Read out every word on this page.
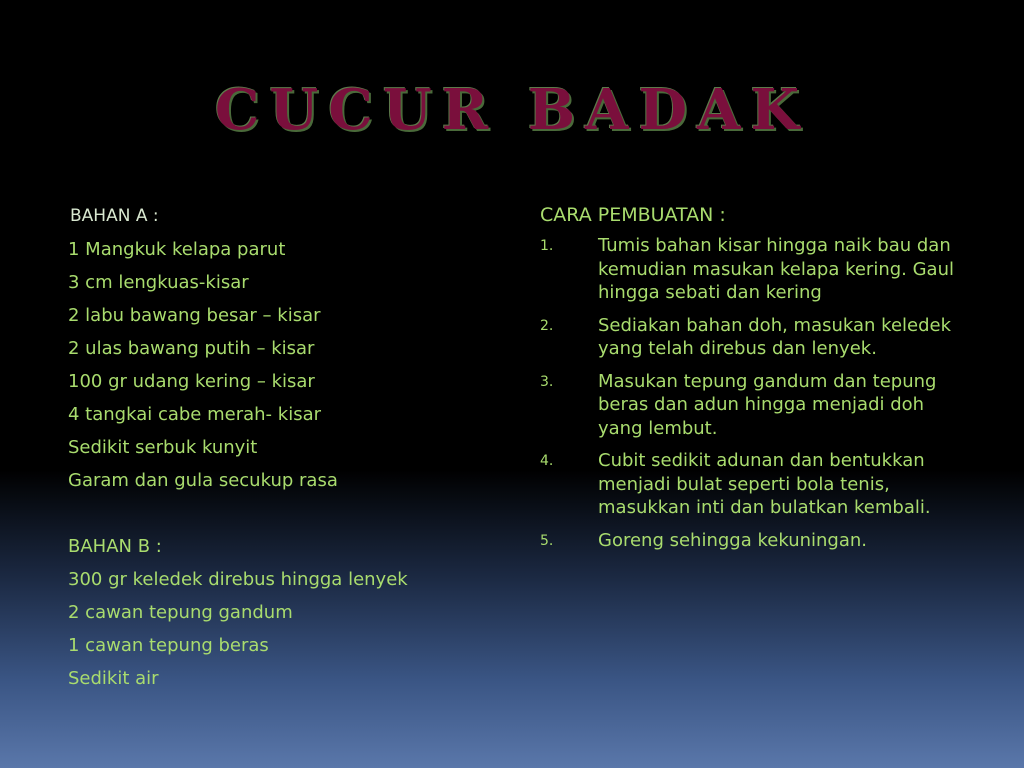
CUCUR BADAK
BAHAN A :
1 Mangkuk kelapa parut
3 cm lengkuas-kisar
2 labu bawang besar – kisar
2 ulas bawang putih – kisar
100 gr udang kering – kisar
4 tangkai cabe merah- kisar
Sedikit serbuk kunyit
Garam dan gula secukup rasa
BAHAN B :
300 gr keledek direbus hingga lenyek
2 cawan tepung gandum
1 cawan tepung beras
Sedikit air
CARA PEMBUATAN :
1.	Tumis bahan kisar hingga naik bau dan kemudian masukan kelapa kering. Gaul hingga sebati dan kering
2.	Sediakan bahan doh, masukan keledek yang telah direbus dan lenyek.
3.	Masukan tepung gandum dan tepung beras dan adun hingga menjadi doh yang lembut.
4.	Cubit sedikit adunan dan bentukkan menjadi bulat seperti bola tenis, masukkan inti dan bulatkan kembali.
5.	Goreng sehingga kekuningan.
